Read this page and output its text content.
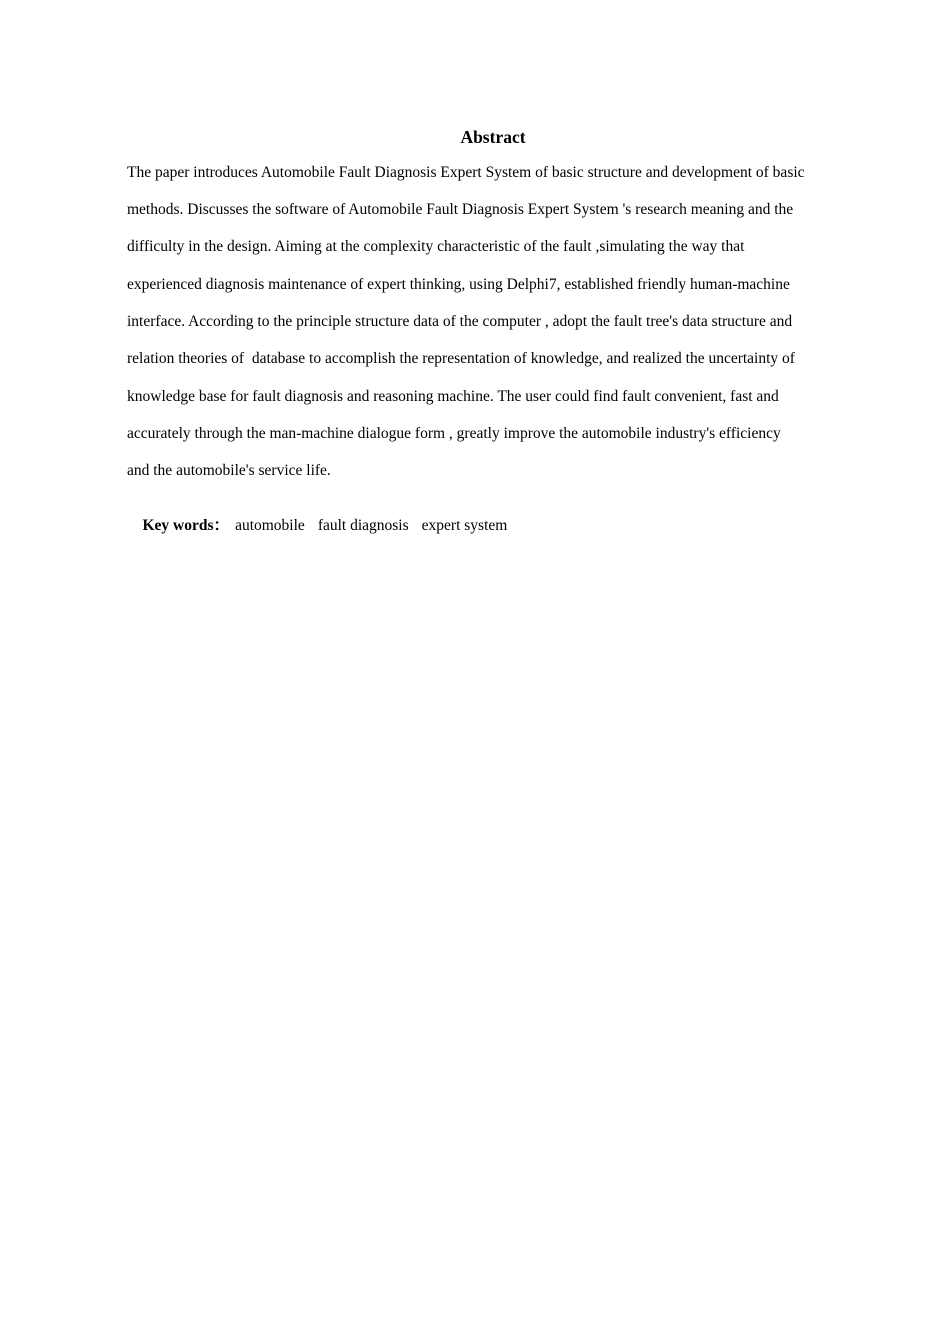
Abstract
The paper introduces Automobile Fault Diagnosis Expert System of basic structure and development of basic
methods. Discusses the software of Automobile Fault Diagnosis Expert System 's research meaning and the
difficulty in the design. Aiming at the complexity characteristic of the fault ,simulating the way that
experienced diagnosis maintenance of expert thinking, using Delphi7, established friendly human-machine
interface. According to the principle structure data of the computer , adopt the fault tree's data structure and
relation theories of  database to accomplish the representation of knowledge, and realized the uncertainty of
knowledge base for fault diagnosis and reasoning machine. The user could find fault convenient, fast and
accurately through the man-machine dialogue form , greatly improve the automobile industry's efficiency
and the automobile's service life.

Key words： automobile fault diagnosis expert system
